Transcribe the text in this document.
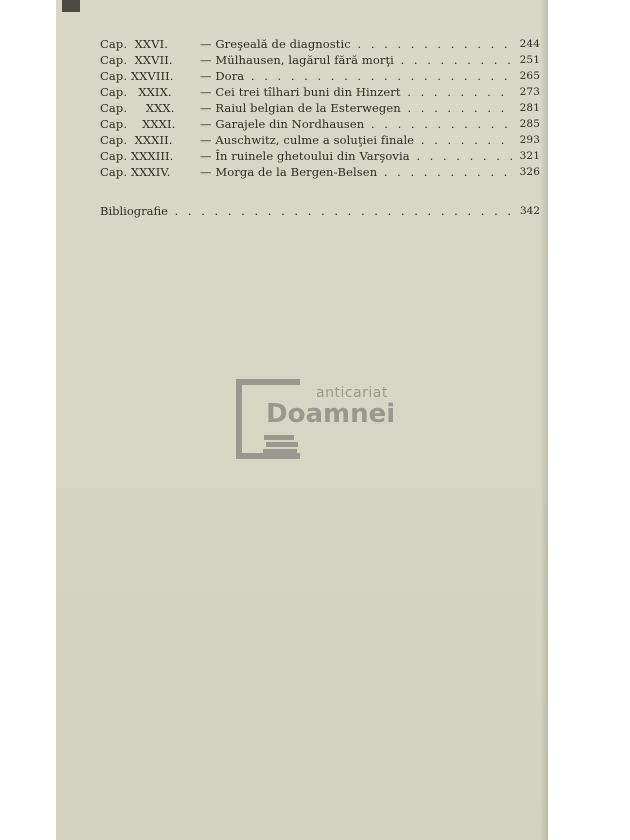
Cap. XXVI.	— Greşeală de diagnostic . . .	244
Cap. XXVII.	— Mülhausen, lagărul fără morţi . . .	251
Cap. XXVIII.	— Dora . . .	265
Cap. XXIX.	— Cei trei tîlhari buni din Hinzert . . .	273
Cap. XXX.	— Raiul belgian de la Esterwegen . . .	281
Cap. XXXI.	— Garajele din Nordhausen . . .	285
Cap. XXXII.	— Auschwitz, culme a soluţiei finale . . .	293
Cap. XXXIII.	— În ruinele ghetoului din Varşovia . . .	321
Cap. XXXIV.	— Morga de la Bergen-Belsen . . .	326
Bibliografie . . .	342
anticariat
Doamnei
